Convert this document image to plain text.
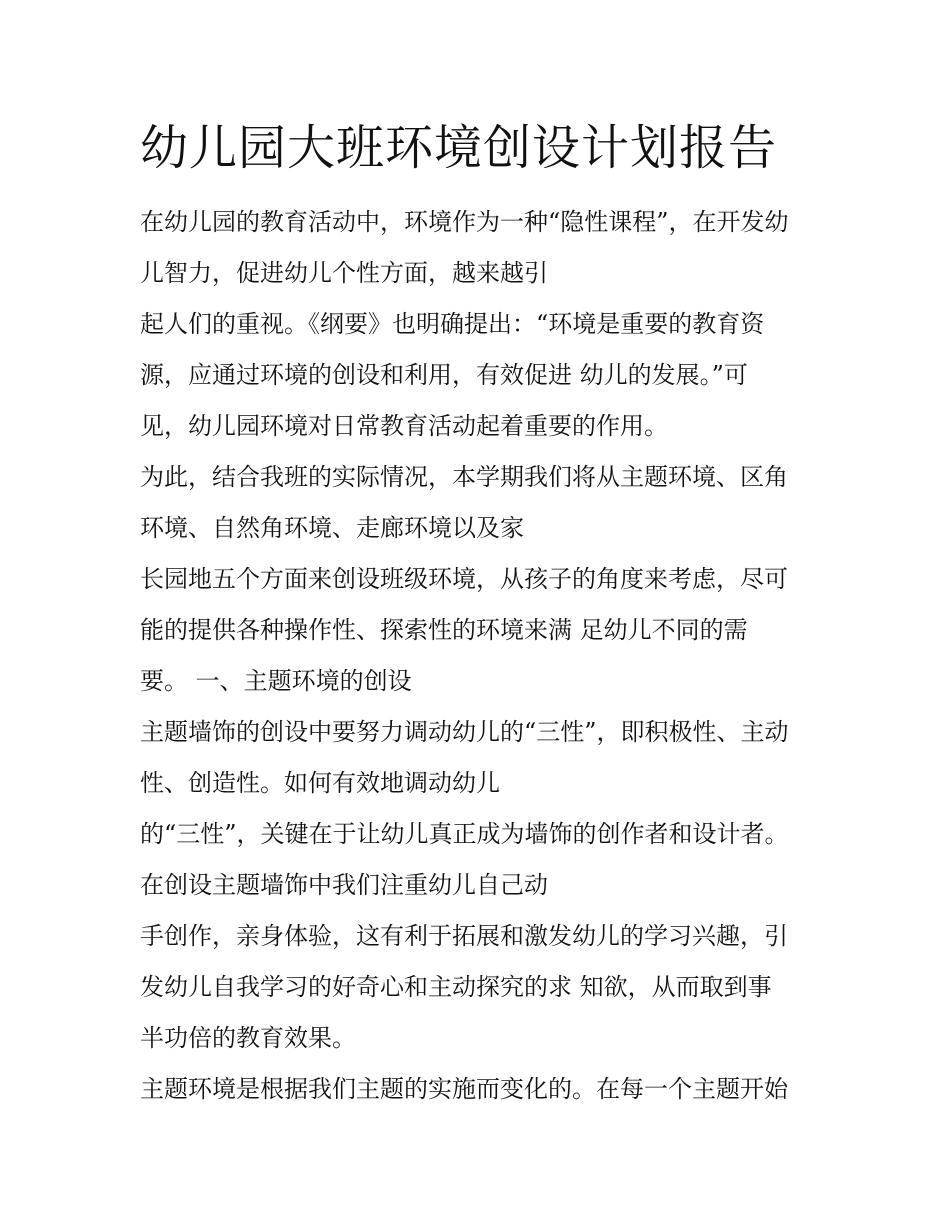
幼儿园大班环境创设计划报告
在幼儿园的教育活动中，环境作为一种“隐性课程”，在开发幼
儿智力，促进幼儿个性方面，越来越引
起人们的重视。《纲要》也明确提出：“环境是重要的教育资
源，应通过环境的创设和利用，有效促进 幼儿的发展。”可
见，幼儿园环境对日常教育活动起着重要的作用。
为此，结合我班的实际情况，本学期我们将从主题环境、区角
环境、自然角环境、走廊环境以及家
长园地五个方面来创设班级环境，从孩子的角度来考虑，尽可
能的提供各种操作性、探索性的环境来满 足幼儿不同的需
要。 一、主题环境的创设
主题墙饰的创设中要努力调动幼儿的“三性”，即积极性、主动
性、创造性。如何有效地调动幼儿
的“三性”，关键在于让幼儿真正成为墙饰的创作者和设计者。
在创设主题墙饰中我们注重幼儿自己动
手创作，亲身体验，这有利于拓展和激发幼儿的学习兴趣，引
发幼儿自我学习的好奇心和主动探究的求 知欲，从而取到事
半功倍的教育效果。
主题环境是根据我们主题的实施而变化的。在每一个主题开始
